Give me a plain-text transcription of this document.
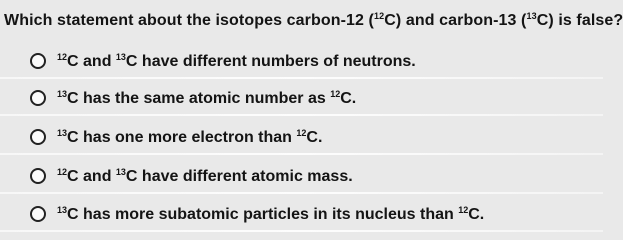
Which statement about the isotopes carbon-12 ($^{12}$C) and carbon-13 ($^{13}$C) is false?

$^{12}$C and $^{13}$C have different numbers of neutrons.
$^{13}$C has the same atomic number as $^{12}$C.
$^{13}$C has one more electron than $^{12}$C.
$^{12}$C and $^{13}$C have different atomic mass.
$^{13}$C has more subatomic particles in its nucleus than $^{12}$C.
